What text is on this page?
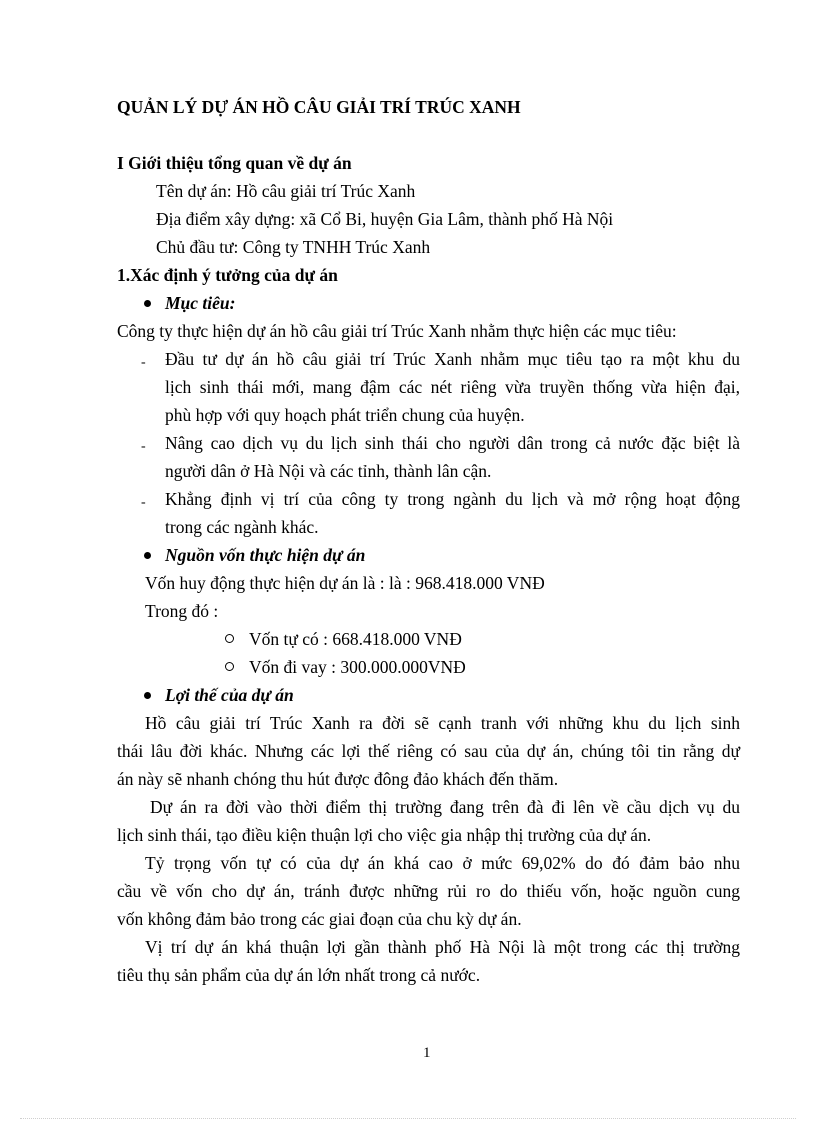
QUẢN LÝ DỰ ÁN HỒ CÂU GIẢI TRÍ TRÚC XANH
I Giới thiệu tổng quan về dự án
Tên dự án: Hồ câu giải trí Trúc Xanh
Địa điểm xây dựng: xã Cổ Bi, huyện Gia Lâm, thành phố Hà Nội
Chủ đầu tư: Công ty TNHH Trúc Xanh
1.Xác định ý tưởng của dự án
Mục tiêu:
Công ty thực hiện dự án hồ câu giải trí Trúc Xanh nhằm thực hiện các mục tiêu:
- Đầu tư dự án hồ câu giải trí Trúc Xanh nhằm mục tiêu tạo ra một khu du
lịch sinh thái mới, mang đậm các nét riêng vừa truyền thống vừa hiện đại,
phù hợp với quy hoạch phát triển chung của huyện.
- Nâng cao dịch vụ du lịch sinh thái cho người dân trong cả nước đặc biệt là
người dân ở Hà Nội và các tỉnh, thành lân cận.
- Khẳng định vị trí của công ty trong ngành du lịch và mở rộng hoạt động
trong các ngành khác.
Nguồn vốn thực hiện dự án
Vốn huy động thực hiện dự án là : là : 968.418.000 VNĐ
Trong đó :
Vốn tự có : 668.418.000 VNĐ
Vốn đi vay : 300.000.000VNĐ
Lợi thế của dự án
Hồ câu giải trí Trúc Xanh ra đời sẽ cạnh tranh với những khu du lịch sinh
thái lâu đời khác. Nhưng các lợi thế riêng có sau của dự án, chúng tôi tin rằng dự
án này sẽ nhanh chóng thu hút được đông đảo khách đến thăm.
Dự án ra đời vào thời điểm thị trường đang trên đà đi lên về cầu dịch vụ du
lịch sinh thái, tạo điều kiện thuận lợi cho việc gia nhập thị trường của dự án.
Tỷ trọng vốn tự có của dự án khá cao ở mức 69,02% do đó đảm bảo nhu
cầu về vốn cho dự án, tránh được những rủi ro do thiếu vốn, hoặc nguồn cung
vốn không đảm bảo trong các giai đoạn của chu kỳ dự án.
Vị trí dự án khá thuận lợi gần thành phố Hà Nội là một trong các thị trường
tiêu thụ sản phẩm của dự án lớn nhất trong cả nước.
1
